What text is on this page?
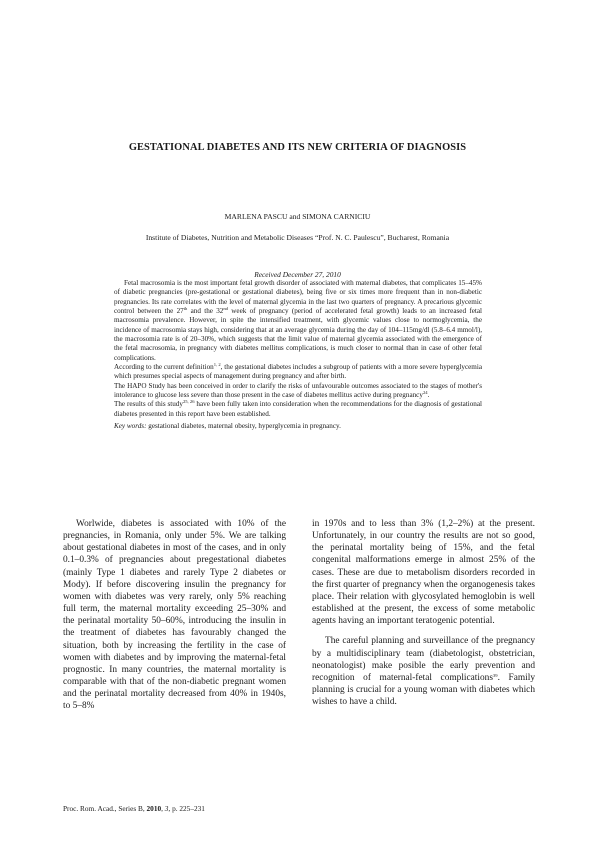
GESTATIONAL DIABETES AND ITS NEW CRITERIA OF DIAGNOSIS
MARLENA PASCU and SIMONA CARNICIU
Institute of Diabetes, Nutrition and Metabolic Diseases “Prof. N. C. Paulescu”, Bucharest, Romania
Received December 27, 2010

Fetal macrosomia is the most important fetal growth disorder of associated with maternal diabetes, that complicates 15–45% of diabetic pregnancies (pre-gestational or gestational diabetes), being five or six times more frequent than in non-diabetic pregnancies. Its rate correlates with the level of maternal glycemia in the last two quarters of pregnancy. A precarious glycemic control between the 27th and the 32nd week of pregnancy (period of accelerated fetal growth) leads to an increased fetal macrosomia prevalence. However, in spite the intensified treatment, with glycemic values close to normoglycemia, the incidence of macrosomia stays high, considering that at an average glycemia during the day of 104–115mg/dl (5.8–6.4 mmol/l), the macrosomia rate is of 20–30%, which suggests that the limit value of maternal glycemia associated with the emergence of the fetal macrosomia, in pregnancy with diabetes mellitus complications, is much closer to normal than in case of other fetal complications.

According to the current definition$^{1, 2}$, the gestational diabetes includes a subgroup of patients with a more severe hyperglycemia which presumes special aspects of management during pregnancy and after birth.

The HAPO Study has been conceived in order to clarify the risks of unfavourable outcomes associated to the stages of mother's intolerance to glucose less severe than those present in the case of diabetes mellitus active during pregnancy$^{24}$.

The results of this study$^{25, 26}$ have been fully taken into consideration when the recommendations for the diagnosis of gestational diabetes presented in this report have been established.

Key words: gestational diabetes, maternal obesity, hyperglycemia in pregnancy.

Worlwide, diabetes is associated with 10% of the pregnancies, in Romania, only under 5%. We are talking about gestational diabetes in most of the cases, and in only 0.1–0.3% of pregnancies about pregestational diabetes (mainly Type 1 diabetes and rarely Type 2 diabetes or Mody). If before discovering insulin the pregnancy for women with diabetes was very rarely, only 5% reaching full term, the maternal mortality exceeding 25–30% and the perinatal mortality 50–60%, introducing the insulin in the treatment of diabetes has favourably changed the situation, both by increasing the fertility in the case of women with diabetes and by improving the maternal-fetal prognostic. In many countries, the maternal mortality is comparable with that of the non-diabetic pregnant women and the perinatal mortality decreased from 40% in 1940s, to 5–8%

in 1970s and to less than 3% (1,2–2%) at the present. Unfortunately, in our country the results are not so good, the perinatal mortality being of 15%, and the fetal congenital malformations emerge in almost 25% of the cases. These are due to metabolism disorders recorded in the first quarter of pregnancy when the organogenesis takes place. Their relation with glycosylated hemoglobin is well established at the present, the excess of some metabolic agents having an important teratogenic potential.

The careful planning and surveillance of the pregnancy by a multidisciplinary team (diabetologist, obstetrician, neonatologist) make posible the early prevention and recognition of maternal-fetal complications$^{39}$. Family planning is crucial for a young woman with diabetes which wishes to have a child.

Proc. Rom. Acad., Series B, 2010, 3, p. 225–231
